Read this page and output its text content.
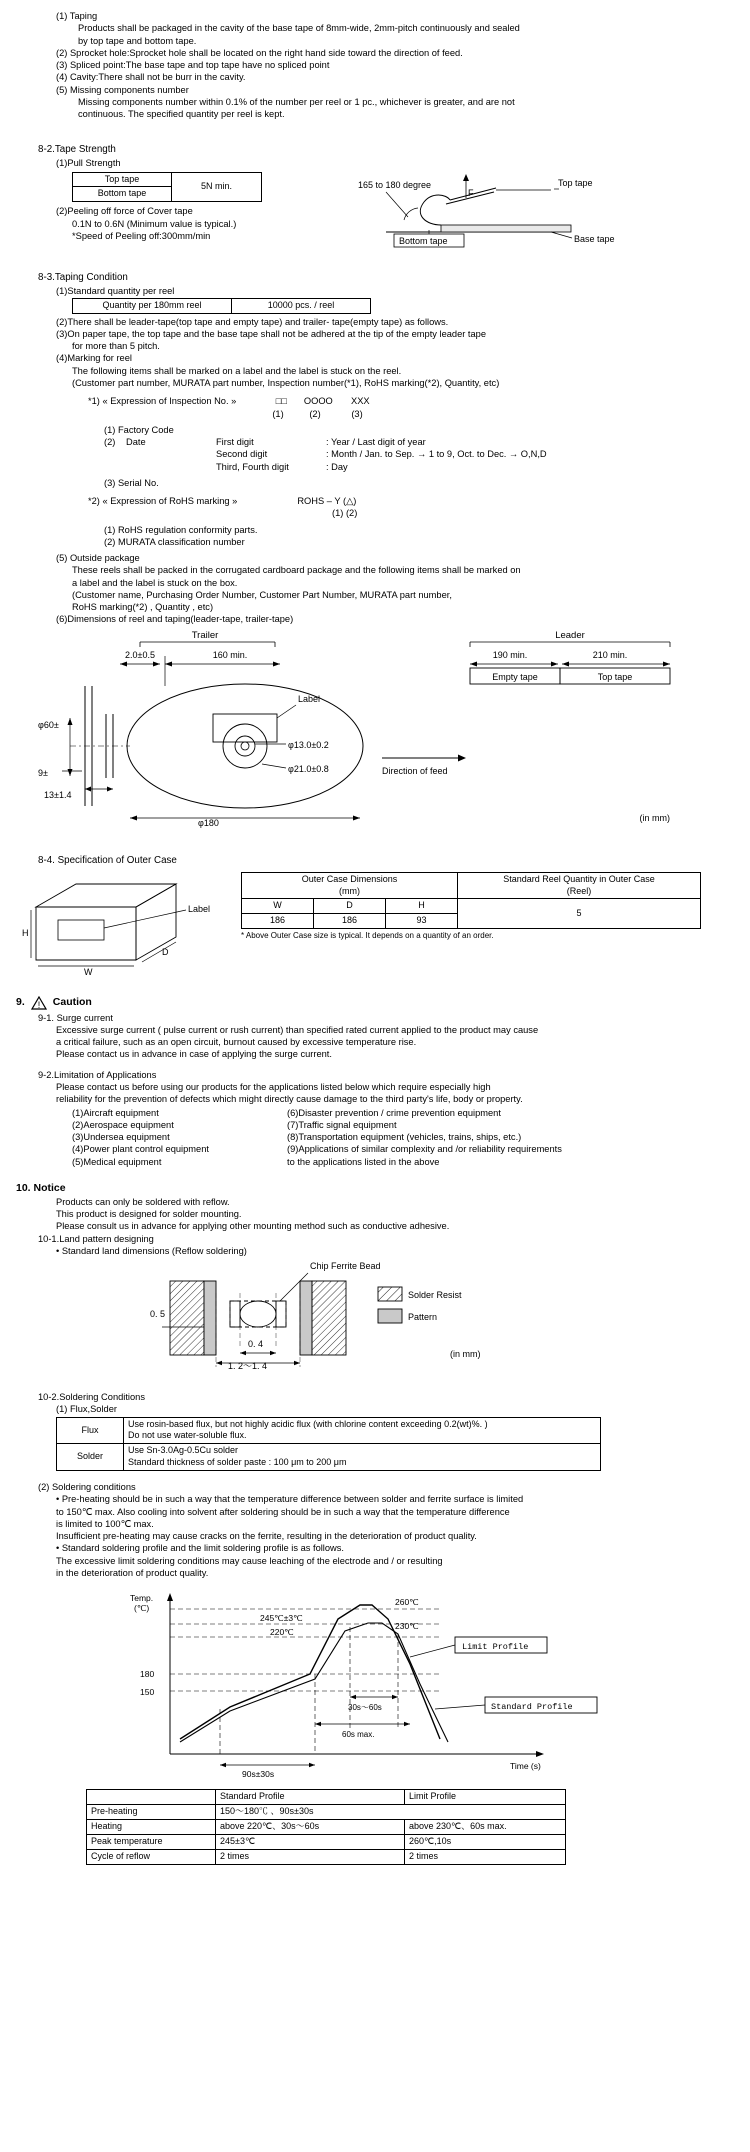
(1) Taping
Products shall be packaged in the cavity of the base tape of 8mm-wide, 2mm-pitch continuously and sealed
by top tape and bottom tape.
(2) Sprocket hole:Sprocket hole shall be located on the right hand side toward the direction of feed.
(3) Spliced point:The base tape and top tape have no spliced point
(4) Cavity:There shall not be burr in the cavity.
(5) Missing components number
Missing components number within 0.1% of the number per reel or 1 pc., whichever is greater, and are not
continuous. The specified quantity per reel is kept.
8-2.Tape Strength
(1)Pull Strength
Top tape	5N min.
Bottom tape
(2)Peeling off force of Cover tape
0.1N to 0.6N (Minimum value is typical.)
*Speed of Peeling off:300mm/min
165 to 180 degree
F
Top tape
Bottom tape	Base tape
8-3.Taping Condition
(1)Standard quantity per reel
Quantity per 180mm reel	10000 pcs. / reel
(2)There shall be leader-tape(top tape and empty tape) and trailer- tape(empty tape) as follows.
(3)On paper tape, the top tape and the base tape shall not be adhered at the tip of the empty leader tape
for more than 5 pitch.
(4)Marking for reel
The following items shall be marked on a label and the label is stuck on the reel.
(Customer part number, MURATA part number, Inspection number(*1), RoHS marking(*2), Quantity, etc)
*1) « Expression of Inspection No. »	□□	OOOO	XXX
(1)	(2)	(3)
(1) Factory Code
(2)	Date	First digit	: Year / Last digit of year
Second digit	: Month / Jan. to Sep. → 1 to 9, Oct. to Dec. → O,N,D
Third, Fourth digit	: Day
(3) Serial No.
*2) « Expression of RoHS marking »	ROHS – Y (△)
(1) (2)
(1) RoHS regulation conformity parts.
(2) MURATA classification number
(5) Outside package
These reels shall be packed in the corrugated cardboard package and the following items shall be marked on
a label and the label is stuck on the box.
(Customer name, Purchasing Order Number, Customer Part Number, MURATA part number,
RoHS marking(*2) , Quantity , etc)
(6)Dimensions of reel and taping(leader-tape, trailer-tape)
Trailer	Leader
2.0±0.5	160 min.	190 min.	210 min.
Empty tape	Top tape
Label
φ13.0±0.2
φ21.0±0.8
φ60±
9±
13±1.4
φ180
Direction of feed
(in mm)
8-4. Specification of Outer Case
Label
H
W
D
Outer Case Dimensions
(mm)			Standard Reel Quantity in Outer Case
(Reel)
W	D	H	5
186	186	93	
* Above Outer Case size is typical. It depends on a quantity of an order.
9. ! Caution
9-1. Surge current
Excessive surge current ( pulse current or rush current) than specified rated current applied to the product may cause
a critical failure, such as an open circuit, burnout caused by excessive temperature rise.
Please contact us in advance in case of applying the surge current.
9-2.Limitation of Applications
Please contact us before using our products for the applications listed below which require especially high
reliability for the prevention of defects which might directly cause damage to the third party's life, body or property.
(1)Aircraft equipment
(2)Aerospace equipment
(3)Undersea equipment
(4)Power plant control equipment
(5)Medical equipment
(6)Disaster prevention / crime prevention equipment
(7)Traffic signal equipment
(8)Transportation equipment (vehicles, trains, ships, etc.)
(9)Applications of similar complexity and /or reliability requirements
to the applications listed in the above
10. Notice
Products can only be soldered with reflow.
This product is designed for solder mounting.
Please consult us in advance for applying other mounting method such as conductive adhesive.
10-1.Land pattern designing
• Standard land dimensions (Reflow soldering)
Chip Ferrite Bead
0. 5
0. 4
1. 2～1. 4
Solder Resist
Pattern
(in mm)
10-2.Soldering Conditions
(1) Flux,Solder
Flux	Use rosin-based flux, but not highly acidic flux (with chlorine content exceeding 0.2(wt)%. )
Do not use water-soluble flux.
Solder	Use Sn-3.0Ag-0.5Cu solder
Standard thickness of solder paste : 100 μm to 200 μm
(2) Soldering conditions
• Pre-heating should be in such a way that the temperature difference between solder and ferrite surface is limited
to 150℃ max. Also cooling into solvent after soldering should be in such a way that the temperature difference
is limited to 100℃ max.
Insufficient pre-heating may cause cracks on the ferrite, resulting in the deterioration of product quality.
• Standard soldering profile and the limit soldering profile is as follows.
The excessive limit soldering conditions may cause leaching of the electrode and / or resulting
in the deterioration of product quality.
Temp.
(℃)
Time (s)
260℃
245℃±3℃
230℃
220℃
180
150
30s～60s
60s max.
90s±30s
Limit Profile
Standard Profile
	Standard Profile	Limit Profile
Pre-heating	150～180℃ 、90s±30s	
Heating	above 220℃、30s～60s	above 230℃、60s max.
Peak temperature	245±3℃	260℃,10s
Cycle of reflow	2 times	2 times
